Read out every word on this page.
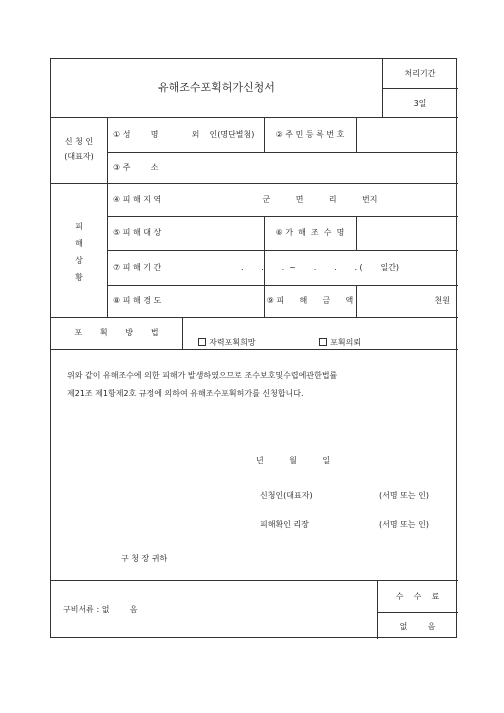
유해조수포획허가신청서
처리기간
3일
신 청 인
(대표자)
① 성        명	외    인(명단별첨)	② 주 민 등 록 번 호
③ 주        소
피
해
상
황
④ 피 해 지 역	군          면          리          번지
⑤ 피 해 대 상	⑥ 가  해  조  수  명
⑦ 피 해 기 간	.       .       .  ~       .       .       . (       일간)
⑧ 피 해 경 도	⑨ 피      해      금      액	천원
포       획       방       법

자력포획희망
	포획의뢰

위와 같이 유해조수에 의한 피해가 발생하였으므로 조수보호및수렵에관한법률
제21조 제1항제2호 규정에 의하여 유해조수포획허가를 신청합니다.
년          월          일
신청인(대표자)	(서명 또는 인)
피해확인 리장	(서명 또는 인)
구 청 장 귀하
구비서류 : 없        음
수    수    료
없        음
